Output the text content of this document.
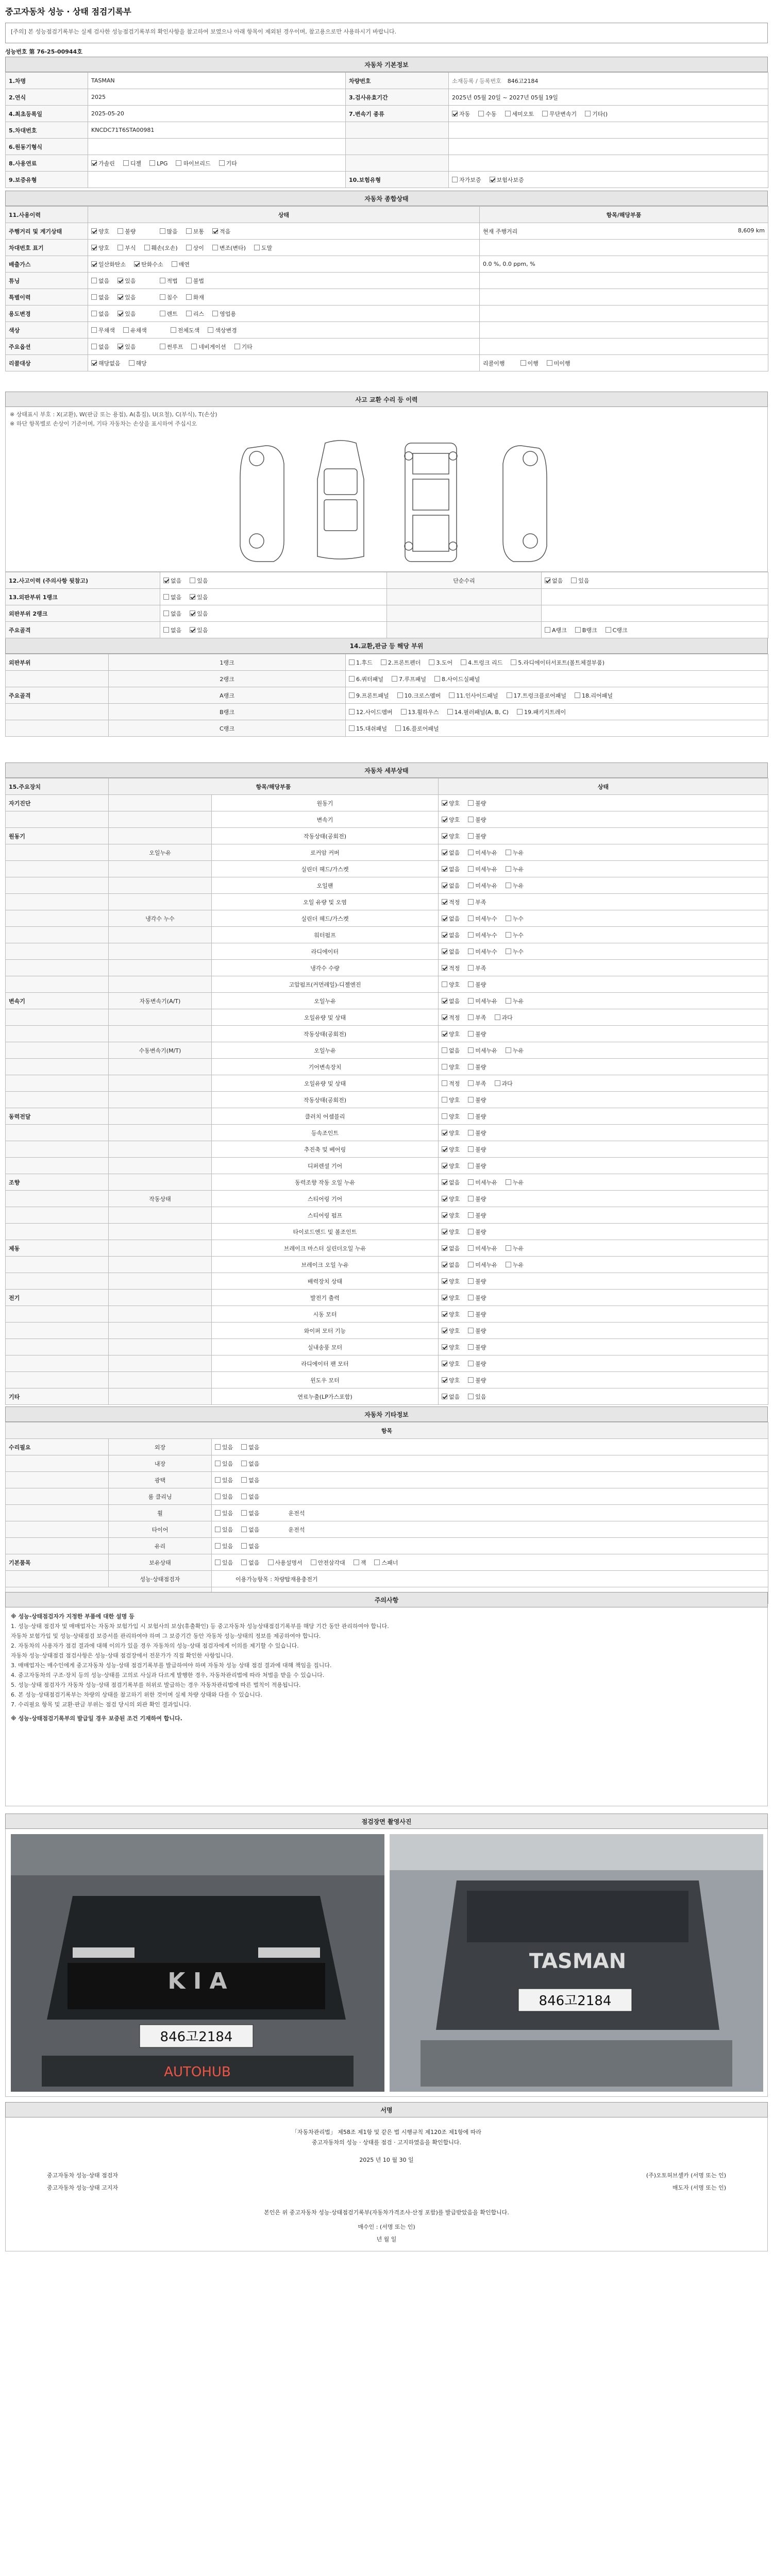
중고자동차 성능 · 상태 점검기록부
[주의] 본 성능점검기록부는 실제 검사한 성능점검기록부의 확인사항을 참고하여 보였으나 아래 항목이 제외된 경우이며, 참고용으로만 사용하시기 바랍니다.
성능번호 第 76-25-00944호
자동차 기본정보
1.차명	TASMAN	차량번호	소재등록 / 등록번호 846고2184
2.연식	2025	3.검사유효기간	2025년 05월 20일 ~ 2027년 05월 19일
4.최초등록일	2025-05-20	7.변속기 종류	자동 수동 세미오토 무단변속기 기타()
5.차대번호	KNCDC71T6STA00981		
6.원동기형식			
8.사용연료	가솔린 디젤 LPG 하이브리드 기타		
9.보증유형		10.보험유형	자가보증 보험사보증
자동차 종합상태
11.사용이력	상태	항목/해당부품
주행거리 및 계기상태	양호 불량 많음 보통 적음	현재 주행거리 8,609 km

차대번호 표기	양호 부식 훼손(오손) 상이 변조(변타) 도말	
배출가스	일산화탄소 탄화수소 매연	0.0 %, 0.0 ppm, %
튜닝	없음 있음 적법 불법	
특별이력	없음 있음 침수 화재	
용도변경	없음 있음 렌트 리스 영업용	
색상	무채색 유채색 전체도색 색상변경	
주요옵션	없음 있음 썬루프 네비게이션 기타	
리콜대상	해당없음 해당	리콜이행 이행 미이행
사고 교환 수리 등 이력
※ 상태표시 부호 : X(교환), W(판금 또는 용접), A(흠집), U(요철), C(부식), T(손상)
※ 하단 항목별로 손상이 기준이며, 기타 자동차는 손상을 표시하여 주십시오
12.사고이력 (주의사항 뒷참고)	없음 있음	단순수리	없음 있음
13.외판부위 1랭크	없음 있음		
외판부위 2랭크	없음 있음		
주요골격	없음 있음		A랭크 B랭크 C랭크
14.교환,판금 등 해당 부위
외판부위	1랭크	1.후드 2.프론트펜더 3.도어 4.트렁크 리드 5.라디에이터서포트(볼트체결부품)
	2랭크	6.쿼터패널 7.루프패널 8.사이드실패널
주요골격	A랭크	9.프론트패널 10.크로스멤버 11.인사이드패널 17.트렁크플로어패널 18.리어패널
	B랭크	12.사이드멤버 13.휠하우스 14.필러패널(A, B, C) 19.패키지트레이
	C랭크	15.대쉬패널 16.플로어패널
자동차 세부상태
15.주요장치	항목/해당부품		상태
자기진단		원동기	양호 불량
		변속기	양호 불량
원동기		작동상태(공회전)	양호 불량
	오일누유	로커암 커버	없음 미세누유 누유
		실린더 헤드/가스켓	없음 미세누유 누유
		오일팬	없음 미세누유 누유
		오일 유량 및 오염	적정 부족
	냉각수 누수	실린더 헤드/가스켓	없음 미세누수 누수
		워터펌프	없음 미세누수 누수
		라디에이터	없음 미세누수 누수
		냉각수 수량	적정 부족
		고압펌프(커먼레일)-디젤엔진	양호 불량
변속기	자동변속기(A/T)	오일누유	없음 미세누유 누유
		오일유량 및 상태	적정 부족 과다
		작동상태(공회전)	양호 불량
	수동변속기(M/T)	오일누유	없음 미세누유 누유
		기어변속장치	양호 불량
		오일유량 및 상태	적정 부족 과다
		작동상태(공회전)	양호 불량
동력전달		클러치 어셈블리	양호 불량
		등속조인트	양호 불량
		추진축 및 베어링	양호 불량
		디퍼렌셜 기어	양호 불량
조향		동력조향 작동 오일 누유	없음 미세누유 누유
	작동상태	스티어링 기어	양호 불량
		스티어링 펌프	양호 불량
		타이로드엔드 및 볼조인트	양호 불량
제동		브레이크 마스터 실린더오일 누유	없음 미세누유 누유
		브레이크 오일 누유	없음 미세누유 누유
		배력장치 상태	양호 불량
전기		발전기 출력	양호 불량
		시동 모터	양호 불량
		와이퍼 모터 기능	양호 불량
		실내송풍 모터	양호 불량
		라디에이터 팬 모터	양호 불량
		윈도우 모터	양호 불량
기타		연료누출(LP가스포함)	없음 있음
자동차 기타정보
항목		
수리필요	외장	있음 없음
	내장	있음 없음
	광택	있음 없음
	룸 클리닝	있음 없음
	휠	있음 없음 운전석
	타이어	있음 없음 운전석
	유리	있음 없음
기본품목	보유상태	있음 없음 사용설명서 안전삼각대 잭 스패너
	성능·상태점검자	이용가능항목 : 차량탑재용충전기

주의사항

※ 성능·상태점검자가 지정한 부품에 대한 설명 등

1. 성능·상태 점검자 및 매매업자는 자동차 보험가입 시 보험사의 보상(휴출확인) 등 중고자동차 성능상태점검기록부를 해당 기간 동안 관리하여야 합니다.

자동차 보험가입 및 성능·상태점검 보증서를 관리하여야 하며 그 보증기간 동안 자동차 성능·상태의 정보를 제공하여야 합니다.

2. 자동차의 사용자가 점검 결과에 대해 이의가 있을 경우 자동차의 성능·상태 점검자에게 이의를 제기할 수 있습니다.

자동차 성능·상태점검 점검사항은 성능·상태 점검장에서 전문가가 직접 확인한 사항입니다.

3. 매매업자는 매수인에게 중고자동차 성능·상태 점검기록부를 발급하여야 하며 자동차 성능 상태 점검 결과에 대해 책임을 집니다.

4. 중고자동차의 구조·장치 등의 성능·상태를 고의로 사실과 다르게 발행한 경우, 자동차관리법에 따라 처벌을 받을 수 있습니다.

5. 성능·상태 점검자가 자동차 성능·상태 점검기록부를 허위로 발급하는 경우 자동차관리법에 따른 벌칙이 적용됩니다.

6. 본 성능·상태점검기록부는 차량의 상태를 참고하기 위한 것이며 실제 차량 상태와 다를 수 있습니다.

7. 수리필요 항목 및 교환·판금 부위는 점검 당시의 외관 확인 결과입니다.

※ 성능·상태점검기록부의 발급일 경우 보증된 조건 기재하여 합니다.

점검장면 촬영사진
K I A
846고2184
AUTOHUB
TASMAN
846고2184
서명
「자동차관리법」 제58조 제1항 및 같은 법 시행규칙 제120조 제1항에 따라
중고자동차의 성능 · 상태를 점검 · 고지하였음을 확인합니다.
2025 년 10 월 30 일
중고자동차 성능·상태 점검자	(주)오토허브셀카 (서명 또는 인)
중고자동차 성능·상태 고지자	매도자 (서명 또는 인)
본인은 위 중고자동차 성능·상태점검기록부(자동차가격조사·산정 포함)를 발급받았음을 확인합니다.
매수인 : (서명 또는 인)
년 월 일
